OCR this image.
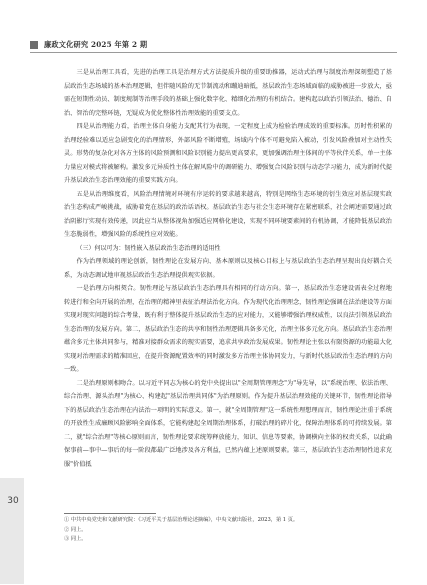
廉政文化研究 2025 年第 2 期

三是从治理工具看，先进的治理工具是治理方式方法提质升级的重要助推器，运动式治理与制度治理深刻塑造了基层政治生态场域的基本治理逻辑，但伴随风险的无节制流动和蹦迪暗抵，基层政治生态场域面临的威胁被进一步放大，亟需在短期性动员、制度规制等治理手段的基础上强化数字化、精细化治理的有机结合。建构起以政治引领法治、德治、自治、智治的完整环链，无疑成为优化整体性治理效能的重要支点。

四是从治理能力看，治理主体自身能力支配其行为表现，一定程度上成为检验治理成效的重要标准。历时性积累的治理经验难以适应急剧变化的治理情形，外部风险不断增殖，场域内个体不可避免陷入被动，引发风险叠加对主动性失灵。形势的复杂化对各方主体的风险预测和风险识别能力提出更高要求，更加强调治理主体间的平等伙伴关系，单一主体力量应对模式将被解构。激发多元异质性主体在解风险中的调研能力、增强复合风险识别与动态学习能力，成为新时代提升基层政治生态治理效能的重要实践方向。

五是从治理维度看，风险治理情境对环境有序运转的要求越来越高，特别是网络生态环境的衍生效应对基层现实政治生态构成严峻挑战，威胁着党在基层的政治话语权。基层政治生态与社会生态环境存在紧密联系，社会阐述需要通过政治阴影厅实现有效传递，因此应当从整体视角加强适应网格化建设，实现不同环境要素间的有机协调，才能降低基层政治生态脆弱性，增强风险的系统性应对效能。

（三）何以可为：韧性嵌入基层政治生态治理的适用性

作为治理领域的理论创新，韧性理论在发展方向、基本原则以及核心目标上与基层政治生态治理呈现出良好耦合关系，为动态调试地审视基层政治生态治理提供观实依据。

一是治理方向相契合。韧性理论与基层政治生态治理具有相同的行动方向。第一，基层政治生态建设需表全过程地转进行和全向开展的治理，在治理的精神里表征治理法治化方向。作为现代化治理理念，韧性理论强调在法治建设等方面实现对现实问题的综合考量，既有利于整体提升基层政治生态的应对能力，又能够增强治理权威性，以良法引领基层政治生态治理的发展方向。第二，基层政治生态的共享和韧性治理逻辑具备多元化，治理主体多元化方向。基层政治生态治理蕴含多元主体共同参与，精准对接群众需求的现实需要，追求共享政治发展成果。韧性理论主张以有限资源的功能最大化实现对治理需求的精准回应，在提升资源配置效率的同时激发多方治理主体协同发力，与新时代基层政治生态治理的方向一致。

二是治理原则相吻合。以习近平同志为核心的党中央提出以"全周期管理理念"为"导先导，以"系统治理、依法治理、综合治理、源头治理"为核心、构建起"基层治理共同体"为治理原则。作为提升基层治理效能的关键环节，韧性理论指导下的基层政治生态治理在内法治一项明的实际意义。第一，就"全周期管理"这一系统性理想理而言，韧性理论注重于系统的开放性生成廉顾风险影响全面体系，它能构建起全周期治理体系，打破治理的碎片化，保障治理体系的可持续发展。第二，就"综合治理"等核心原则而言，韧性理论要求统筹释放能力，知识、信息等要素，协调横向主体的权责关系，以此确保事前—事中—事后的每一阶段都最广泛地涉及各方利益，已然内蕴上述原则要素。第三，基层政治生态治理韧性追求克服"价值抵

① 中共中央党史和文献研究院：《习近平关于基层治理论述摘编》，中央文献出版社，2023，第 1 页。
② 同上。
③ 同上。
30
